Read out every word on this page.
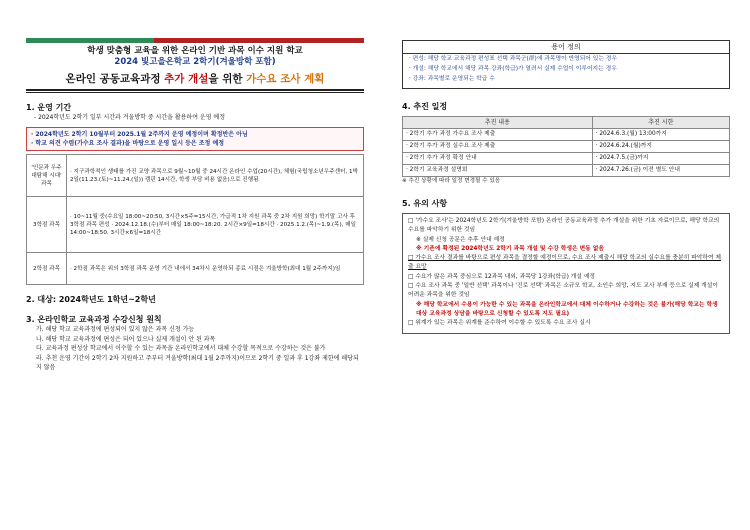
학생 맞춤형 교육을 위한 온라인 기반 과목 이수 지원 학교
2024 빛고을온학교 2학기(겨울방학 포함)
온라인 공동교육과정 추가 개설을 위한 가수요 조사 계획
1. 운영 기간
- 2024학년도 2학기 일부 시간과 겨울방학 중 시간을 활용하여 운영 예정
· 2024학년도 2학기 10월부터 2025.1월 2주까지 운영 예정이며 확정반은 아님
· 학교 의견 수렴(가수요 조사 결과)을 바탕으로 운영 일시 등은 조정 예정
'인문과 우주 대탐해 시대' 과목	· 지구과학적인 생태를 가진 교양 과목으로 9월~10월 중 24시간 온라인 수업(20시간), 체험(국립청소년우주센터, 1박 2일(11.23.(토)~11.24.(일)) 캠핀 14시간, 학생 부담 비용 없음)으로 진행됨
3학점 과목	· 10~11월 중(수요일 18:00~20:50, 3시간×5주=15시간, 가급적 1차 지원 과목 중 2차 지원 희망) 학기말 고사 후 3학점 과목 편성 · 2024.12.18.(수)부터 매일 18:00~18:20. 2시간×9일=18시간 · 2025.1.2.(목)~1.9.(목), 매일 14:00~18:50. 3시간×6일=18시간
2학점 과목	· 2학점 과목은 위의 3학점 과목 운영 기간 내에서 34차시 운영하되 종료 시점은 겨울방학(최대 1월 2주까지)임
2. 대상: 2024학년도 1학년~2학년
3. 온라인학교 교육과정 수강신청 원칙
가. 해당 학교 교육과정에 편성되어 있지 않은 과목 신청 가능
나. 해당 학교 교육과정에 편성은 되어 있으나 실제 개설이 안 된 과목
다. 교육과정 편성상 학교에서 이수할 수 있는 과목을 온라인학교에서 대체 수강할 목적으로 수강하는 것은 불가
라. 추천 운영 기간이 2학기 2차 지원하고 주부터 겨울방학(최대 1월 2주까지)이므로 2학기 중 일과 후 1강좌 제한에 해당되지 않음
용어 정의
· 편성: 해당 학교 교육과정 편성표 선택 과목군(群)에 과목명이 반영되어 있는 경우
· 개설: 해당 학교에서 해당 과목 강좌(학급)가 열려서 실제 수업이 이루어지는 경우
· 강좌: 과목별로 운영되는 학급 수
4. 추진 일정
추진 내용	추진 시한
· 2학기 추가 과정 가수요 조사 제출	· 2024.6.3.(월) 13:00까지
· 2학기 추가 과정 실수요 조사 제출	· 2024.6.24.(월)까지
· 2학기 추가 과정 확정 안내	· 2024.7.5.(금)까지
· 2학기 교육과정 설명회	· 2024.7.26.(금) 이전 별도 안내
※ 추진 상황에 따라 일정 변경될 수 있음
5. 유의 사항
□ '가수요 조사'는 2024학년도 2학기(겨울방학 포함) 온라인 공동교육과정 추가 개설을 위한 기초 자료이므로, 해당 학교의 수요를 파악하기 위한 것임
※ 실제 신청 공문은 추후 안내 예정
※ 기존에 확정된 2024학년도 2학기 과목 개설 및 수강 학생은 변동 없음
□ 가수요 조사 결과를 바탕으로 편성 과목을 결정할 예정이므로, 수요 조사 제출시 해당 학교의 실수요를 충분히 파악하여 제출 요망
□ 수요가 많은 과목 중심으로 12과목 내외, 과목당 1강좌(학급) 개설 예정
□ 수요 조사 과목 중 '일반 선택' 과목이나 '진로 선택' 과목은 소규모 학교, 소인수 희망, 지도 교사 부재 등으로 실제 개설이 어려운 과목을 위한 것임
※ 해당 학교에서 수용이 가능한 수 있는 과목을 온라인학교에서 대체 이수하거나 수강하는 것은 불가(해당 학교는 학생 대상 교육과정 상담을 바탕으로 신청할 수 있도록 지도 필요)
□ 위계가 있는 과목은 위계를 준수하여 이수할 수 있도록 수요 조사 실시
